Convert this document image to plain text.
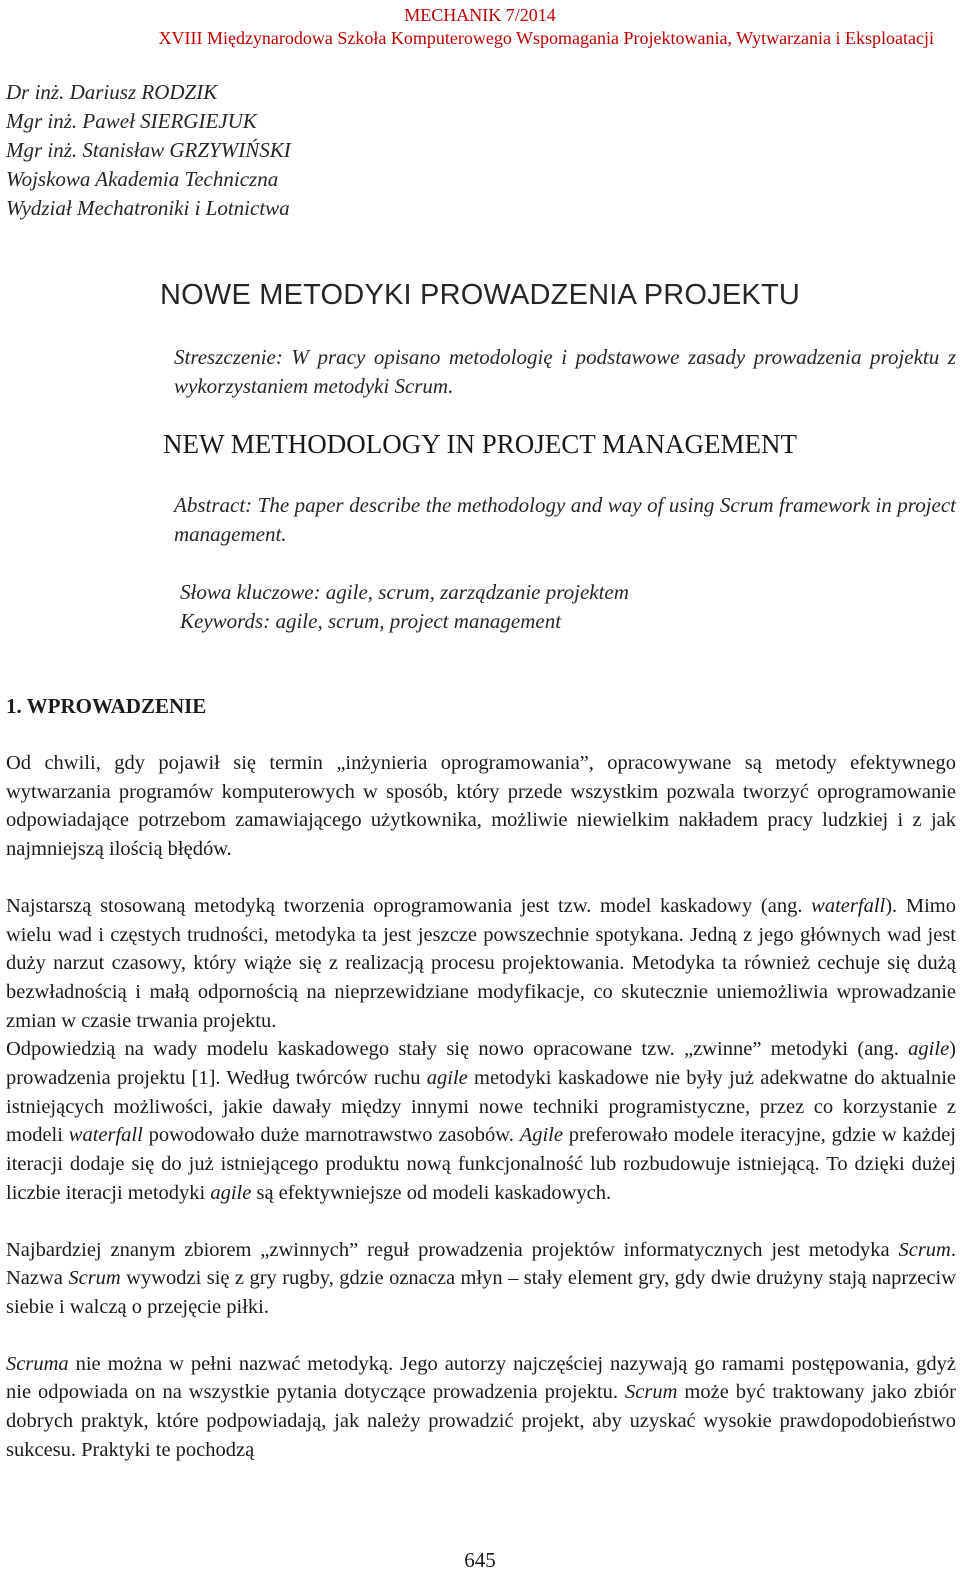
MECHANIK 7/2014
XVIII Międzynarodowa Szkoła Komputerowego Wspomagania Projektowania, Wytwarzania i Eksploatacji
Dr inż. Dariusz RODZIK
Mgr inż. Paweł SIERGIEJUK
Mgr inż. Stanisław GRZYWIŃSKI
Wojskowa Akademia Techniczna
Wydział Mechatroniki i Lotnictwa
NOWE METODYKI PROWADZENIA PROJEKTU
Streszczenie: W pracy opisano metodologię i podstawowe zasady prowadzenia projektu z wykorzystaniem metodyki Scrum.
NEW METHODOLOGY IN PROJECT MANAGEMENT
Abstract: The paper describe the methodology and way of using Scrum framework in project management.
Słowa kluczowe: agile, scrum, zarządzanie projektem
Keywords: agile, scrum, project management
1. WPROWADZENIE

Od chwili, gdy pojawił się termin „inżynieria oprogramowania”, opracowywane są metody efektywnego wytwarzania programów komputerowych w sposób, który przede wszystkim pozwala tworzyć oprogramowanie odpowiadające potrzebom zamawiającego użytkownika, możliwie niewielkim nakładem pracy ludzkiej i z jak najmniejszą ilością błędów.

Najstarszą stosowaną metodyką tworzenia oprogramowania jest tzw. model kaskadowy (ang. waterfall). Mimo wielu wad i częstych trudności, metodyka ta jest jeszcze powszechnie spotykana. Jedną z jego głównych wad jest duży narzut czasowy, który wiąże się z realizacją procesu projektowania. Metodyka ta również cechuje się dużą bezwładnością i małą odpornością na nieprzewidziane modyfikacje, co skutecznie uniemożliwia wprowadzanie zmian w czasie trwania projektu.

Odpowiedzią na wady modelu kaskadowego stały się nowo opracowane tzw. „zwinne” metodyki (ang. agile) prowadzenia projektu [1]. Według twórców ruchu agile metodyki kaskadowe nie były już adekwatne do aktualnie istniejących możliwości, jakie dawały między innymi nowe techniki programistyczne, przez co korzystanie z modeli waterfall powodowało duże marnotrawstwo zasobów. Agile preferowało modele iteracyjne, gdzie w każdej iteracji dodaje się do już istniejącego produktu nową funkcjonalność lub rozbudowuje istniejącą. To dzięki dużej liczbie iteracji metodyki agile są efektywniejsze od modeli kaskadowych.

Najbardziej znanym zbiorem „zwinnych” reguł prowadzenia projektów informatycznych jest metodyka Scrum. Nazwa Scrum wywodzi się z gry rugby, gdzie oznacza młyn – stały element gry, gdy dwie drużyny stają naprzeciw siebie i walczą o przejęcie piłki.

Scruma nie można w pełni nazwać metodyką. Jego autorzy najczęściej nazywają go ramami postępowania, gdyż nie odpowiada on na wszystkie pytania dotyczące prowadzenia projektu. Scrum może być traktowany jako zbiór dobrych praktyk, które podpowiadają, jak należy prowadzić projekt, aby uzyskać wysokie prawdopodobieństwo sukcesu. Praktyki te pochodzą

645
